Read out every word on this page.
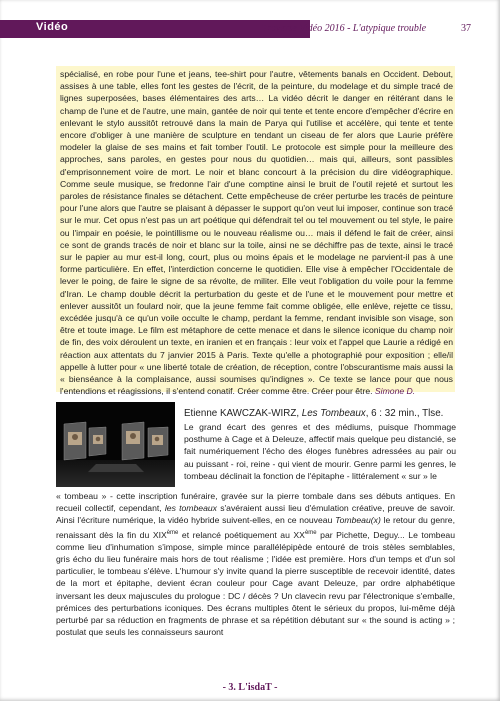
Vidéo	Traverse Vidéo 2016 - L'atypique trouble	37

spécialisé, en robe pour l'une et jeans, tee-shirt pour l'autre, vêtements banals en Occident. Debout, assises à une table, elles font les gestes de l'écrit, de la peinture, du modelage et du simple tracé de lignes superposées, bases élémentaires des arts… La vidéo décrit le danger en réitérant dans le champ de l'une et de l'autre, une main, gantée de noir qui tente et tente encore d'empêcher d'écrire en enlevant le stylo aussitôt retrouvé dans la main de Parya qui l'utilise et accélère, qui tente et tente encore d'obliger à une manière de sculpture en tendant un ciseau de fer alors que Laurie préfère modeler la glaise de ses mains et fait tomber l'outil. Le protocole est simple pour la meilleure des approches, sans paroles, en gestes pour nous du quotidien… mais qui, ailleurs, sont passibles d'emprisonnement voire de mort. Le noir et blanc concourt à la précision du dire vidéographique. Comme seule musique, se fredonne l'air d'une comptine ainsi le bruit de l'outil rejeté et surtout les paroles de résistance finales se détachent. Cette empêcheuse de créer perturbe les tracés de peinture pour l'une alors que l'autre se plaisant à dépasser le support qu'on veut lui imposer, continue son tracé sur le mur. Cet opus n'est pas un art poétique qui défendrait tel ou tel mouvement ou tel style, le paire ou l'impair en poésie, le pointillisme ou le nouveau réalisme ou… mais il défend le fait de créer, ainsi ce sont de grands tracés de noir et blanc sur la toile, ainsi ne se déchiffre pas de texte, ainsi le tracé sur le papier au mur est-il long, court, plus ou moins épais et le modelage ne parvient-il pas à une forme particulière. En effet, l'interdiction concerne le quotidien. Elle vise à empêcher l'Occidentale de lever le poing, de faire le signe de sa révolte, de militer. Elle veut l'obligation du voile pour la femme d'Iran. Le champ double décrit la perturbation du geste et de l'une et le mouvement pour mettre et enlever aussitôt un foulard noir, que la jeune femme fait comme obligée, elle enlève, rejette ce tissu, excédée jusqu'à ce qu'un voile occulte le champ, perdant la femme, rendant invisible son visage, son être et toute image. Le film est métaphore de cette menace et dans le silence iconique du champ noir de fin, des voix déroulent un texte, en iranien et en français : leur voix et l'appel que Laurie a rédigé en réaction aux attentats du 7 janvier 2015 à Paris. Texte qu'elle a photographié pour exposition ; elle/il appelle à lutter pour « une liberté totale de création, de réception, contre l'obscurantisme mais aussi la « bienséance à la complaisance, aussi soumises qu'indignes ». Ce texte se lance pour que nous l'entendions et réagissions, il s'entend conatif. Créer comme être. Créer pour être. Simone D.

Etienne KAWCZAK-WIRZ, Les Tombeaux, 6 : 32 min., Tlse.

Le grand écart des genres et des médiums, puisque l'hommage posthume à Cage et à Deleuze, affectif mais quelque peu distancié, se fait numériquement l'écho des éloges funèbres adressées au pair ou au puissant - roi, reine - qui vient de mourir. Genre parmi les genres, le tombeau déclinait la fonction de l'épitaphe - littéralement « sur » le

« tombeau » - cette inscription funéraire, gravée sur la pierre tombale dans ses débuts antiques. En recueil collectif, cependant, les tombeaux s'avéraient aussi lieu d'émulation créative, preuve de savoir. Ainsi l'écriture numérique, la vidéo hybride suivent-elles, en ce nouveau Tombeau(x) le retour du genre, renaissant dès la fin du XIXème et relancé poétiquement au XXème par Pichette, Deguy... Le tombeau comme lieu d'inhumation s'impose, simple mince parallélépipède entouré de trois stèles semblables, gris écho du lieu funéraire mais hors de tout réalisme ; l'idée est première. Hors d'un temps et d'un sol particulier, le tombeau s'élève. L'humour s'y invite quand la pierre susceptible de recevoir identité, dates de la mort et épitaphe, devient écran couleur pour Cage avant Deleuze, par ordre alphabétique inversant les deux majuscules du prologue : DC / décès ? Un clavecin revu par l'électronique s'emballe, prémices des perturbations iconiques. Des écrans multiples ôtent le sérieux du propos, lui-même déjà perturbé par sa réduction en fragments de phrase et sa répétition débutant sur « the sound is acting » ; postulat que seuls les connaisseurs sauront

- 3. L'isdaT -
